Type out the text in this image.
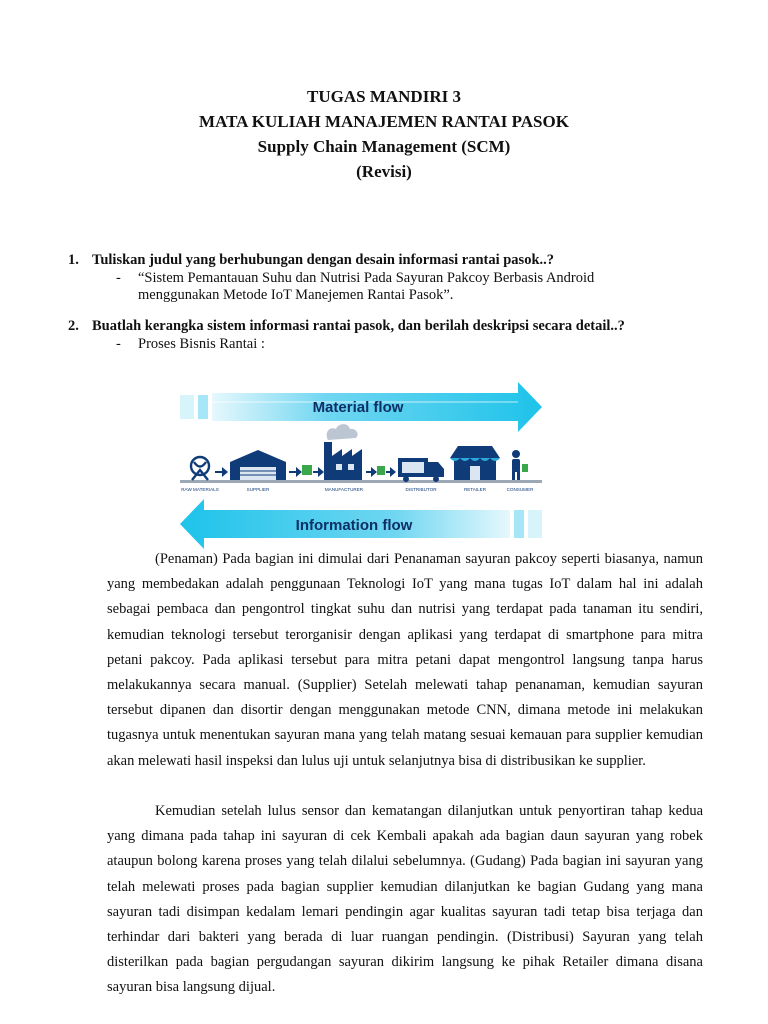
TUGAS MANDIRI 3
MATA KULIAH MANAJEMEN RANTAI PASOK
Supply Chain Management (SCM)
(Revisi)
1. Tuliskan judul yang berhubungan dengan desain informasi rantai pasok..?
- “Sistem Pemantauan Suhu dan Nutrisi Pada Sayuran Pakcoy Berbasis Android
menggunakan Metode IoT Manejemen Rantai Pasok”.
2. Buatlah kerangka sistem informasi rantai pasok, dan berilah deskripsi secara detail..?
- Proses Bisnis Rantai :
Material flow
Information flow
RAW MATERIALS	SUPPLIER	MANUFACTURER	DISTRIBUTOR	RETAILER	CONSUMER
(Penaman) Pada bagian ini dimulai dari Penanaman sayuran pakcoy seperti biasanya, namun yang membedakan adalah penggunaan Teknologi IoT yang mana tugas IoT dalam hal ini adalah sebagai pembaca dan pengontrol tingkat suhu dan nutrisi yang terdapat pada tanaman itu sendiri, kemudian teknologi tersebut terorganisir dengan aplikasi yang terdapat di smartphone para mitra petani pakcoy. Pada aplikasi tersebut para mitra petani dapat mengontrol langsung tanpa harus melakukannya secara manual. (Supplier) Setelah melewati tahap penanaman, kemudian sayuran tersebut dipanen dan disortir dengan menggunakan metode CNN, dimana metode ini melakukan tugasnya untuk menentukan sayuran mana yang telah matang sesuai kemauan para supplier kemudian akan melewati hasil inspeksi dan lulus uji untuk selanjutnya bisa di distribusikan ke supplier.
Kemudian setelah lulus sensor dan kematangan dilanjutkan untuk penyortiran tahap kedua yang dimana pada tahap ini sayuran di cek Kembali apakah ada bagian daun sayuran yang robek ataupun bolong karena proses yang telah dilalui sebelumnya. (Gudang) Pada bagian ini sayuran yang telah melewati proses pada bagian supplier kemudian dilanjutkan ke bagian Gudang yang mana sayuran tadi disimpan kedalam lemari pendingin agar kualitas sayuran tadi tetap bisa terjaga dan terhindar dari bakteri yang berada di luar ruangan pendingin. (Distribusi) Sayuran yang telah disterilkan pada bagian pergudangan sayuran dikirim langsung ke pihak Retailer dimana disana sayuran bisa langsung dijual.
